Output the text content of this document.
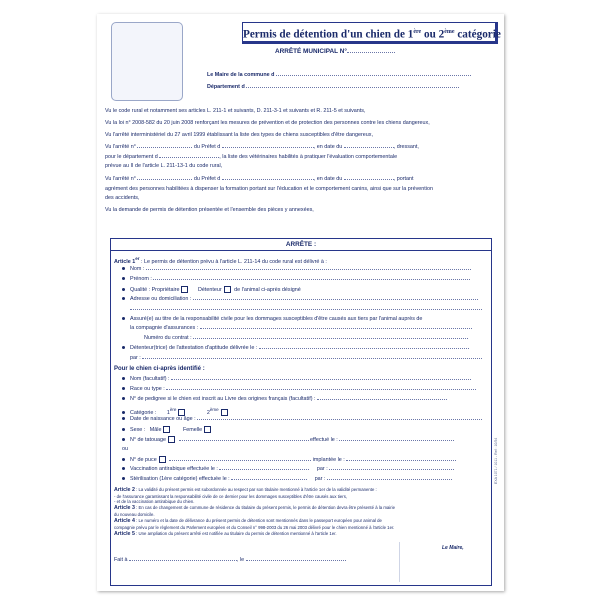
Permis de détention d'un chien de 1ère ou 2ème catégorie
ARRÊTÉ MUNICIPAL N°
Le Maire de la commune d
Département d
Vu le code rural et notamment ses articles L. 211-1 et suivants, D. 211-3-1 et suivants et R. 211-5 et suivants,
Vu la loi n° 2008-582 du 20 juin 2008 renforçant les mesures de prévention et de protection des personnes contre les chiens dangereux,
Vu l'arrêté interministériel du 27 avril 1999 établissant la liste des types de chiens susceptibles d'être dangereux,
Vu l'arrêté n°	du Préfet d	, en date du	, dressant,
pour le département d	, la liste des vétérinaires habilités à pratiquer l'évaluation comportementale
prévue au II de l'article L. 211-13-1 du code rural,
Vu l'arrêté n°	du Préfet d	, en date du	, portant
agrément des personnes habilitées à dispenser la formation portant sur l'éducation et le comportement canins, ainsi que sur la prévention
des accidents,
Vu la demande de permis de détention présentée et l'ensemble des pièces y annexées,
ARRÊTE :
Article 1er : Le permis de détention prévu à l'article L. 211-14 du code rural est délivré à :
Nom :
Prénom :
Qualité : Propriétaire	Détenteur de l'animal ci-après désigné
Adresse ou domiciliation :
Assuré(e) au titre de la responsabilité civile pour les dommages susceptibles d'être causés aux tiers par l'animal auprès de
la compagnie d'assurances :
Numéro du contrat :
Détenteur(trice) de l'attestation d'aptitude délivrée le :
par :
Pour le chien ci-après identifié :
Nom (facultatif) :
Race ou type :
N° de pedigree si le chien est inscrit au Livre des origines français (facultatif) :
Catégorie : 1ère             2ème
Date de naissance ou âge :
Sexe : Mâle	Femelle
N° de tatouage	effectué le :
ou
N° de puce	implantée le :
Vaccination antirabique effectuée le :	par :
Stérilisation (1ère catégorie) effectuée le :	par :
Article 2 : La validité du présent permis est subordonnée au respect par son titulaire mentionné à l'article 1er de la validité permanente :
- de l'assurance garantissant la responsabilité civile de ce dernier pour les dommages susceptibles d'être causés aux tiers,
- et de la vaccination antirabique du chien.
Article 3 : En cas de changement de commune de résidence du titulaire du présent permis, le permis de détention devra être présenté à la mairie
du nouveau domicile.
Article 4 : Le numéro et la date de délivrance du présent permis de détention sont mentionnés dans le passeport européen pour animal de
compagnie prévu par le règlement du Parlement européen et du Conseil n° 998-2003 du 26 mai 2003 délivré pour le chien mentionné à l'article 1er.
Article 5 : Une ampliation du présent arrêté est notifiée au titulaire du permis de détention mentionné à l'article 1er.
Le Maire,
Fait à	, le
EXA 1071 / 1011 - Ref : 10/54
